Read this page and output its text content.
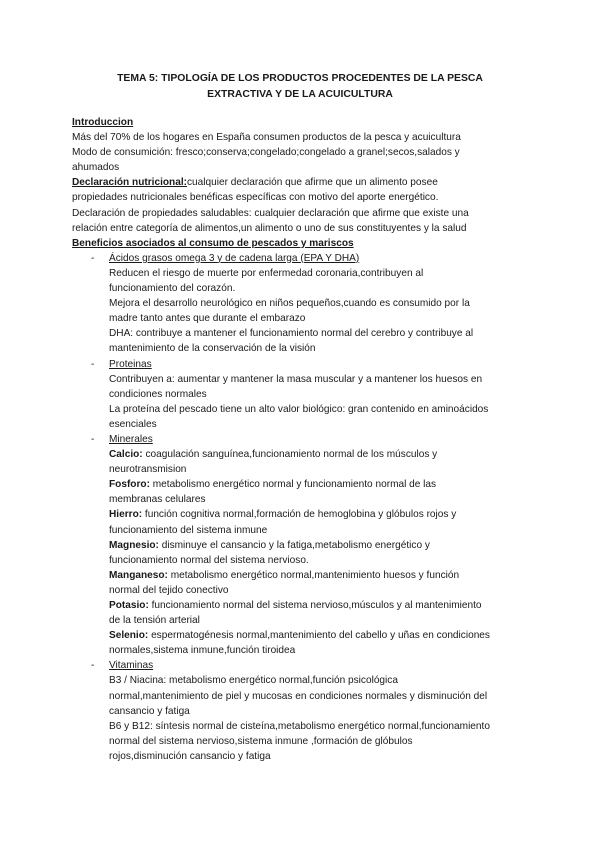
TEMA 5: TIPOLOGÍA DE LOS PRODUCTOS PROCEDENTES DE LA PESCA
EXTRACTIVA Y DE LA ACUICULTURA
Introduccion
Más del 70% de los hogares en España consumen productos de la pesca y acuicultura
Modo de consumición: fresco;conserva;congelado;congelado a granel;secos,salados y
ahumados
Declaración nutricional:cualquier declaración que afirme que un alimento posee
propiedades nutricionales benéficas específicas con motivo del aporte energético.
Declaración de propiedades saludables: cualquier declaración que afirme que existe una
relación entre categoría de alimentos,un alimento o uno de sus constituyentes y la salud
Beneficios asociados al consumo de pescados y mariscos
- Ácidos grasos omega 3 y de cadena larga (EPA Y DHA)
Reducen el riesgo de muerte por enfermedad coronaria,contribuyen al
funcionamiento del corazón.
Mejora el desarrollo neurológico en niños pequeños,cuando es consumido por la
madre tanto antes que durante el embarazo
DHA: contribuye a mantener el funcionamiento normal del cerebro y contribuye al
mantenimiento de la conservación de la visión
- Proteinas
Contribuyen a: aumentar y mantener la masa muscular y a mantener los huesos en
condiciones normales
La proteína del pescado tiene un alto valor biológico: gran contenido en aminoácidos
esenciales
- Minerales
Calcio: coagulación sanguínea,funcionamiento normal de los músculos y
neurotransmision
Fosforo: metabolismo energético normal y funcionamiento normal de las
membranas celulares
Hierro: función cognitiva normal,formación de hemoglobina y glóbulos rojos y
funcionamiento del sistema inmune
Magnesio: disminuye el cansancio y la fatiga,metabolismo energético y
funcionamiento normal del sistema nervioso.
Manganeso: metabolismo energético normal,mantenimiento huesos y función
normal del tejido conectivo
Potasio: funcionamiento normal del sistema nervioso,músculos y al mantenimiento
de la tensión arterial
Selenio: espermatogénesis normal,mantenimiento del cabello y uñas en condiciones
normales,sistema inmune,función tiroidea
- Vitaminas
B3 / Niacina: metabolismo energético normal,función psicológica
normal,mantenimiento de piel y mucosas en condiciones normales y disminución del
cansancio y fatiga
B6 y B12: síntesis normal de cisteína,metabolismo energético normal,funcionamiento
normal del sistema nervioso,sistema inmune ,formación de glóbulos
rojos,disminución cansancio y fatiga
